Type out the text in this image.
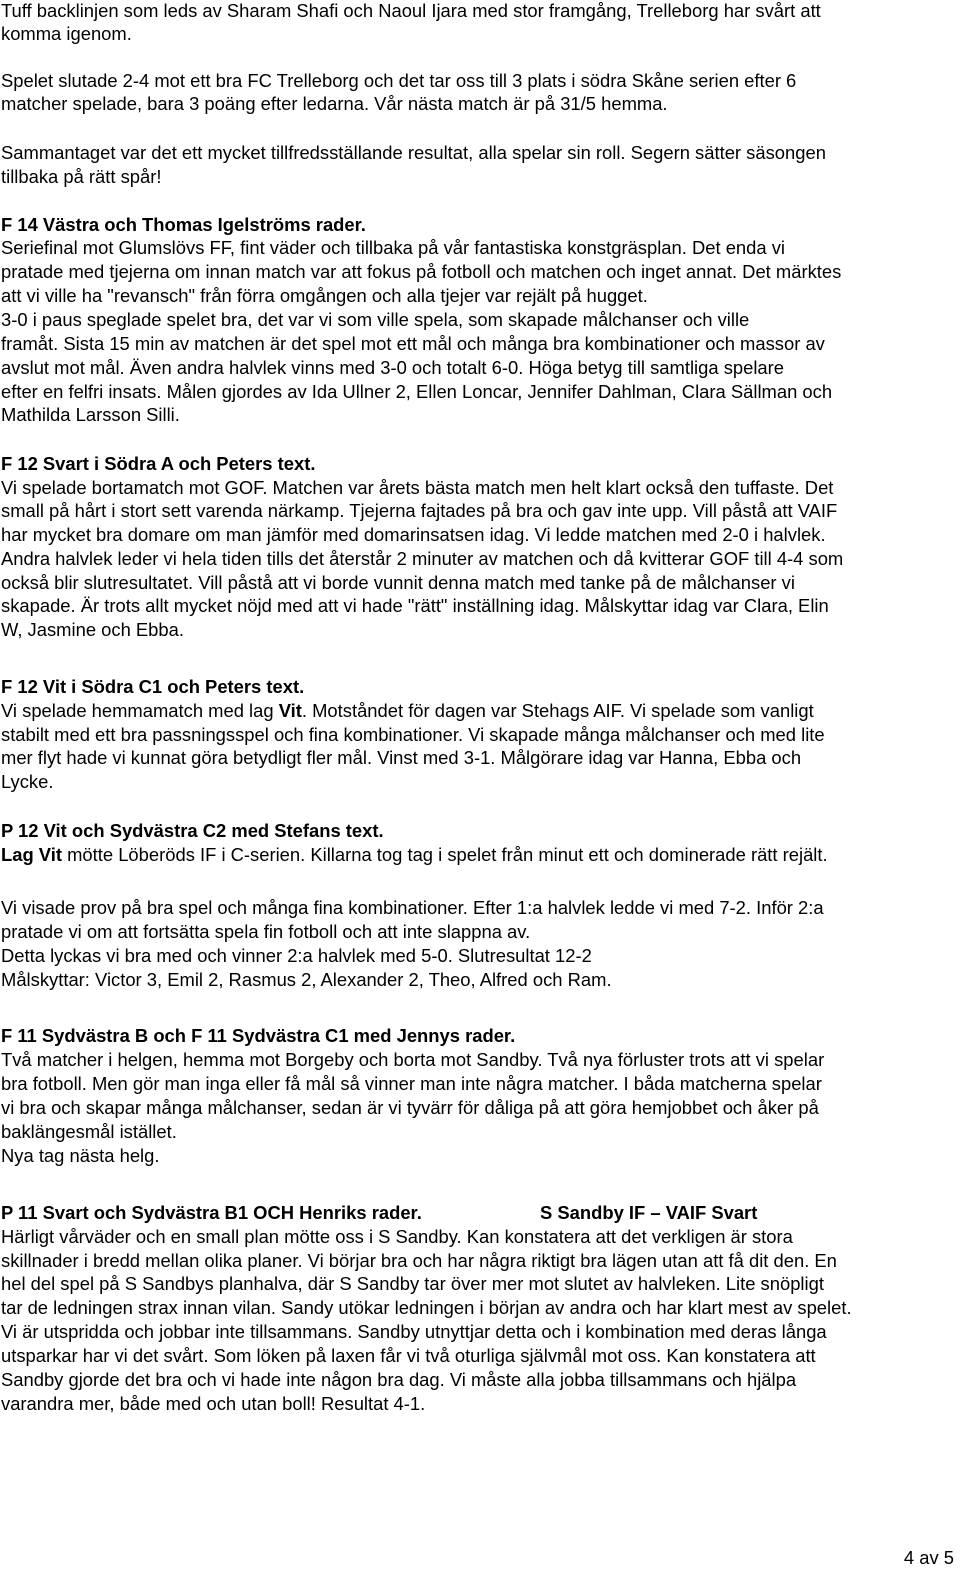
Tuff backlinjen som leds av Sharam Shafi och Naoul Ijara med stor framgång, Trelleborg har svårt att
komma igenom.
Spelet slutade 2-4 mot ett bra FC Trelleborg och det tar oss till 3 plats i södra Skåne serien efter 6
matcher spelade, bara 3 poäng efter ledarna. Vår nästa match är på 31/5 hemma.
Sammantaget var det ett mycket tillfredsställande resultat, alla spelar sin roll. Segern sätter säsongen
tillbaka på rätt spår!
F 14 Västra och Thomas Igelströms rader.
Seriefinal mot Glumslövs FF, fint väder och tillbaka på vår fantastiska konstgräsplan. Det enda vi
pratade med tjejerna om innan match var att fokus på fotboll och matchen och inget annat. Det märktes
att vi ville ha "revansch" från förra omgången och alla tjejer var rejält på hugget.
3-0 i paus speglade spelet bra, det var vi som ville spela, som skapade målchanser och ville
framåt. Sista 15 min av matchen är det spel mot ett mål och många bra kombinationer och massor av
avslut mot mål. Även andra halvlek vinns med 3-0 och totalt 6-0. Höga betyg till samtliga spelare
efter en felfri insats. Målen gjordes av Ida Ullner 2, Ellen Loncar, Jennifer Dahlman, Clara Sällman och
Mathilda Larsson Silli.
F 12 Svart i Södra A och Peters text.
Vi spelade bortamatch mot GOF. Matchen var årets bästa match men helt klart också den tuffaste. Det
small på hårt i stort sett varenda närkamp. Tjejerna fajtades på bra och gav inte upp. Vill påstå att VAIF
har mycket bra domare om man jämför med domarinsatsen idag. Vi ledde matchen med 2-0 i halvlek.
Andra halvlek leder vi hela tiden tills det återstår 2 minuter av matchen och då kvitterar GOF till 4-4 som
också blir slutresultatet. Vill påstå att vi borde vunnit denna match med tanke på de målchanser vi
skapade. Är trots allt mycket nöjd med att vi hade "rätt" inställning idag. Målskyttar idag var Clara, Elin
W, Jasmine och Ebba.
F 12 Vit i Södra C1 och Peters text.
Vi spelade hemmamatch med lag Vit. Motståndet för dagen var Stehags AIF. Vi spelade som vanligt
stabilt med ett bra passningsspel och fina kombinationer. Vi skapade många målchanser och med lite
mer flyt hade vi kunnat göra betydligt fler mål. Vinst med 3-1. Målgörare idag var Hanna, Ebba och
Lycke.
P 12 Vit och Sydvästra C2 med Stefans text.
Lag Vit mötte Löberöds IF i C-serien. Killarna tog tag i spelet från minut ett och dominerade rätt rejält.
Vi visade prov på bra spel och många fina kombinationer. Efter 1:a halvlek ledde vi med 7-2. Inför 2:a
pratade vi om att fortsätta spela fin fotboll och att inte slappna av.
Detta lyckas vi bra med och vinner 2:a halvlek med 5-0. Slutresultat 12-2
Målskyttar: Victor 3, Emil 2, Rasmus 2, Alexander 2, Theo, Alfred och Ram.
F 11 Sydvästra B och F 11 Sydvästra C1 med Jennys rader.
Två matcher i helgen, hemma mot Borgeby och borta mot Sandby. Två nya förluster trots att vi spelar
bra fotboll. Men gör man inga eller få mål så vinner man inte några matcher. I båda matcherna spelar
vi bra och skapar många målchanser, sedan är vi tyvärr för dåliga på att göra hemjobbet och åker på
baklängesmål istället.
Nya tag nästa helg.
P 11 Svart och Sydvästra B1 OCH Henriks rader.	S Sandby IF – VAIF Svart
Härligt vårväder och en small plan mötte oss i S Sandby. Kan konstatera att det verkligen är stora
skillnader i bredd mellan olika planer. Vi börjar bra och har några riktigt bra lägen utan att få dit den. En
hel del spel på S Sandbys planhalva, där S Sandby tar över mer mot slutet av halvleken. Lite snöpligt
tar de ledningen strax innan vilan. Sandy utökar ledningen i början av andra och har klart mest av spelet.
Vi är utspridda och jobbar inte tillsammans. Sandby utnyttjar detta och i kombination med deras långa
utsparkar har vi det svårt. Som löken på laxen får vi två oturliga självmål mot oss. Kan konstatera att
Sandby gjorde det bra och vi hade inte någon bra dag. Vi måste alla jobba tillsammans och hjälpa
varandra mer, både med och utan boll! Resultat 4-1.
4 av 5
